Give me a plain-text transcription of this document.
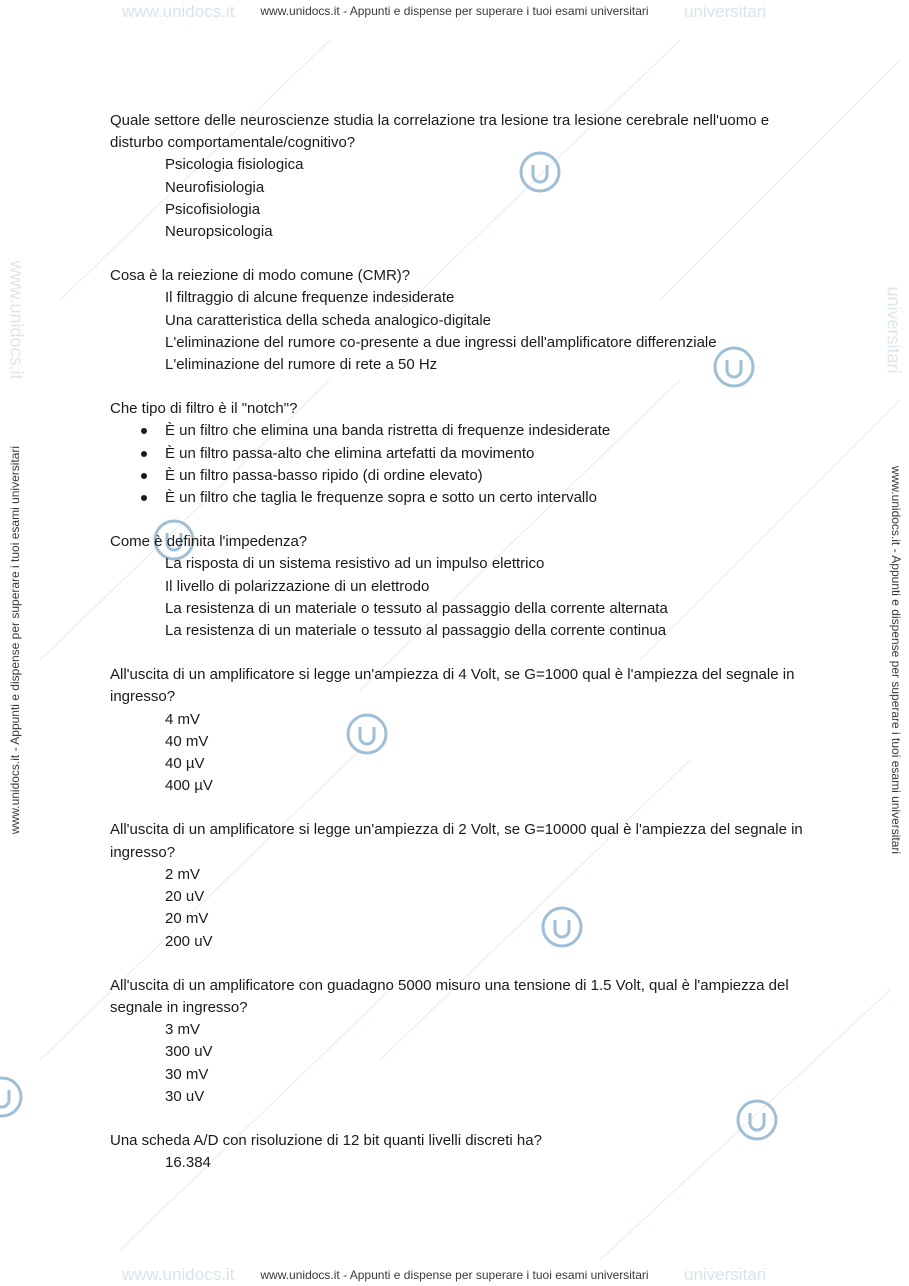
www.unidocs.it	universitari
www.unidocs.it	universitari
www.unidocs.it	universitari
www.unidocs.it - Appunti e dispense per superare i tuoi esami universitari
www.unidocs.it - Appunti e dispense per superare i tuoi esami universitari
www.unidocs.it - Appunti e dispense per superare i tuoi esami universitari	www.unidocs.it - Appunti e dispense per superare i tuoi esami universitari

Quale settore delle neuroscienze studia la correlazione tra lesione tra lesione cerebrale nell'uomo e disturbo comportamentale/cognitivo?

Psicologia fisiologica
Neurofisiologia
Psicofisiologia
Neuropsicologia

Cosa è la reiezione di modo comune (CMR)?

Il filtraggio di alcune frequenze indesiderate
Una caratteristica della scheda analogico-digitale
L'eliminazione del rumore co-presente a due ingressi dell'amplificatore differenziale
L'eliminazione del rumore di rete a 50 Hz

Che tipo di filtro è il "notch"?

È un filtro che elimina una banda ristretta di frequenze indesiderate
È un filtro passa-alto che elimina artefatti da movimento
È un filtro passa-basso ripido (di ordine elevato)
È un filtro che taglia le frequenze sopra e sotto un certo intervallo

Come è definita l'impedenza?

La risposta di un sistema resistivo ad un impulso elettrico
Il livello di polarizzazione di un elettrodo
La resistenza di un materiale o tessuto al passaggio della corrente alternata
La resistenza di un materiale o tessuto al passaggio della corrente continua

All'uscita di un amplificatore si legge un'ampiezza di 4 Volt, se G=1000 qual è l'ampiezza del segnale in ingresso?

4 mV
40 mV
40 µV
400 µV

All'uscita di un amplificatore si legge un'ampiezza di 2 Volt, se G=10000 qual è l'ampiezza del segnale in ingresso?

2 mV
20 uV
20 mV
200 uV

All'uscita di un amplificatore con guadagno 5000 misuro una tensione di 1.5 Volt, qual è l'ampiezza del segnale in ingresso?

3 mV
300 uV
30 mV
30 uV

Una scheda A/D con risoluzione di 12 bit quanti livelli discreti ha?

16.384
